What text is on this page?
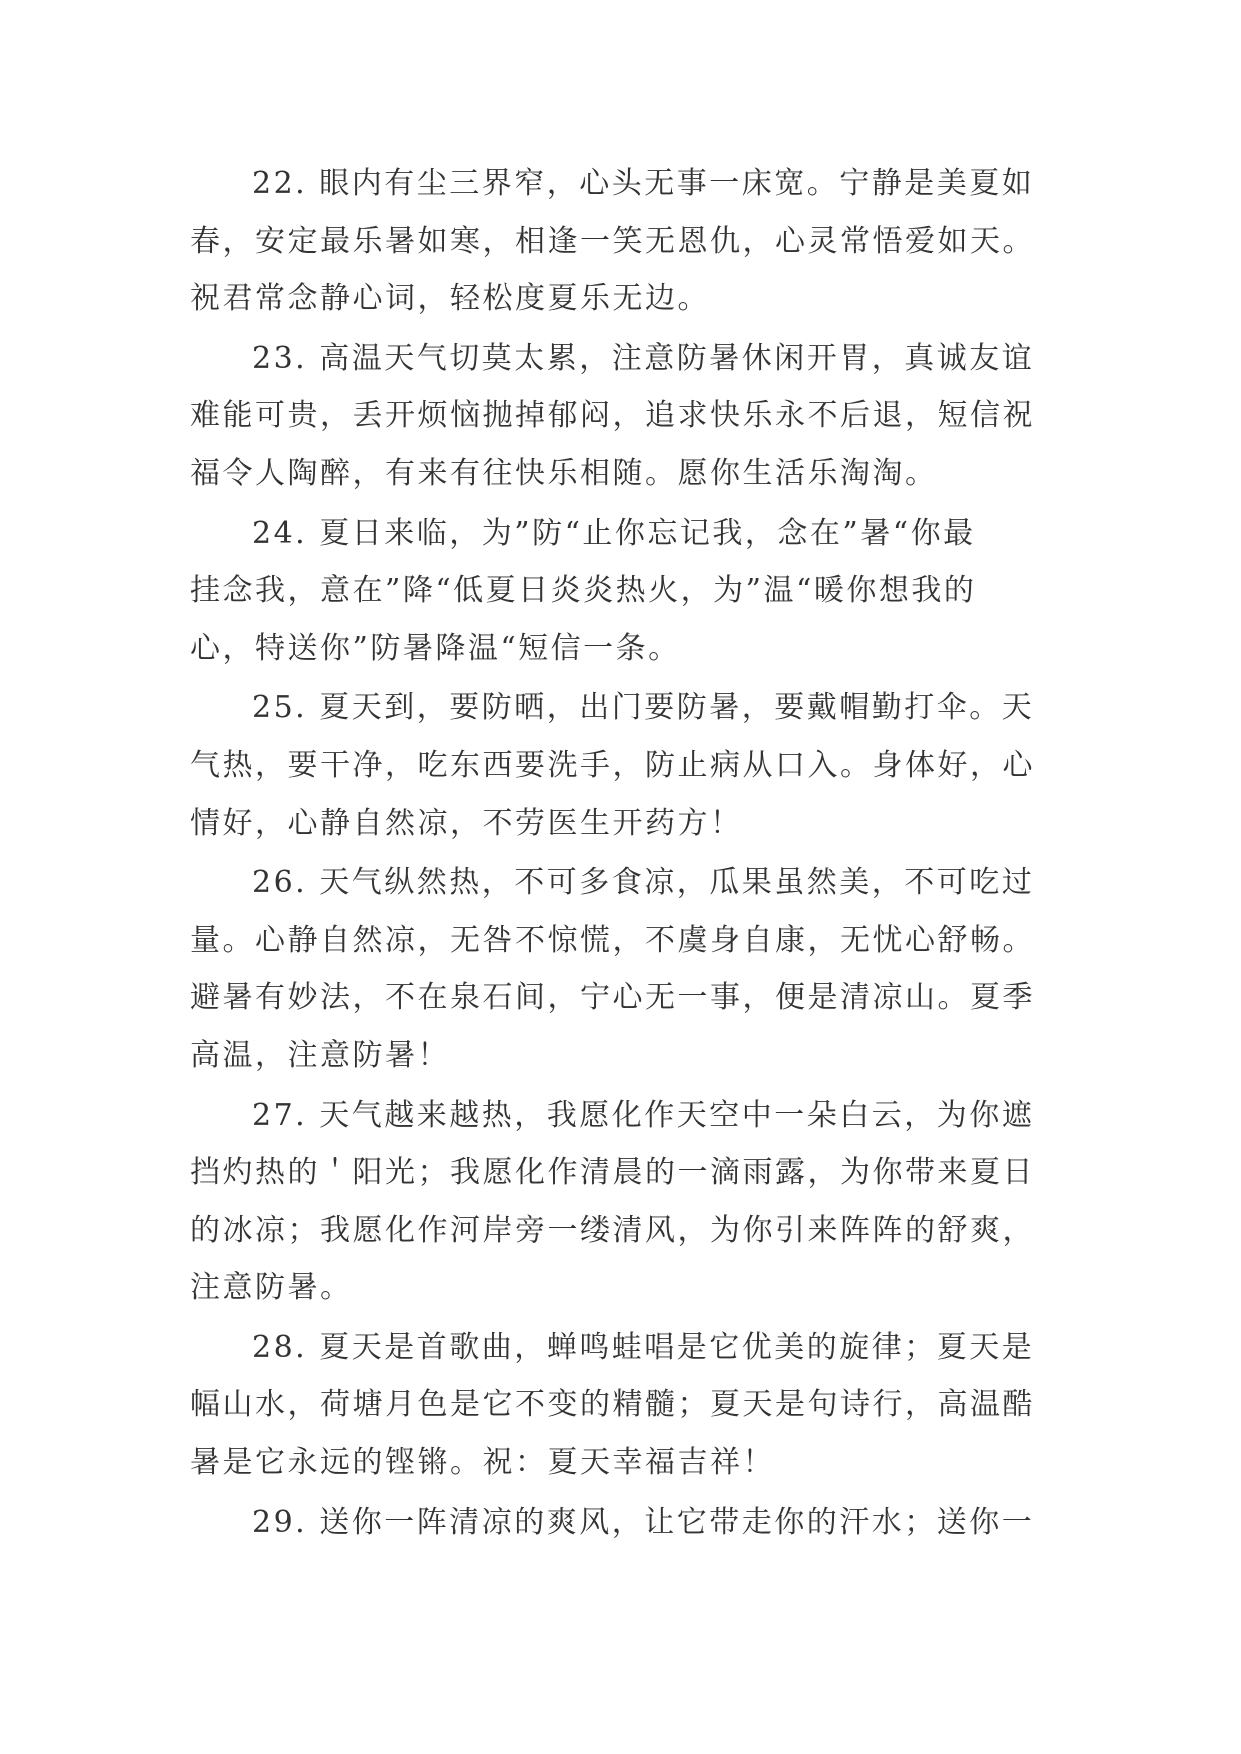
22. 眼内有尘三界窄，心头无事一床宽。宁静是美夏如
春，安定最乐暑如寒，相逢一笑无恩仇，心灵常悟爱如天。
祝君常念静心词，轻松度夏乐无边。

23. 高温天气切莫太累，注意防暑休闲开胃，真诚友谊
难能可贵，丢开烦恼抛掉郁闷，追求快乐永不后退，短信祝
福令人陶醉，有来有往快乐相随。愿你生活乐淘淘。

24. 夏日来临，为”防“止你忘记我，念在”暑“你最
挂念我，意在”降“低夏日炎炎热火，为”温“暖你想我的
心，特送你”防暑降温“短信一条。

25. 夏天到，要防晒，出门要防暑，要戴帽勤打伞。天
气热，要干净，吃东西要洗手，防止病从口入。身体好，心
情好，心静自然凉，不劳医生开药方！

26. 天气纵然热，不可多食凉，瓜果虽然美，不可吃过
量。心静自然凉，无咎不惊慌，不虞身自康，无忧心舒畅。
避暑有妙法，不在泉石间，宁心无一事，便是清凉山。夏季
高温，注意防暑！

27. 天气越来越热，我愿化作天空中一朵白云，为你遮
挡灼热的＇阳光；我愿化作清晨的一滴雨露，为你带来夏日
的冰凉；我愿化作河岸旁一缕清风，为你引来阵阵的舒爽，
注意防暑。

28. 夏天是首歌曲，蝉鸣蛙唱是它优美的旋律；夏天是
幅山水，荷塘月色是它不变的精髓；夏天是句诗行，高温酷
暑是它永远的铿锵。祝：夏天幸福吉祥！

29. 送你一阵清凉的爽风，让它带走你的汗水；送你一
